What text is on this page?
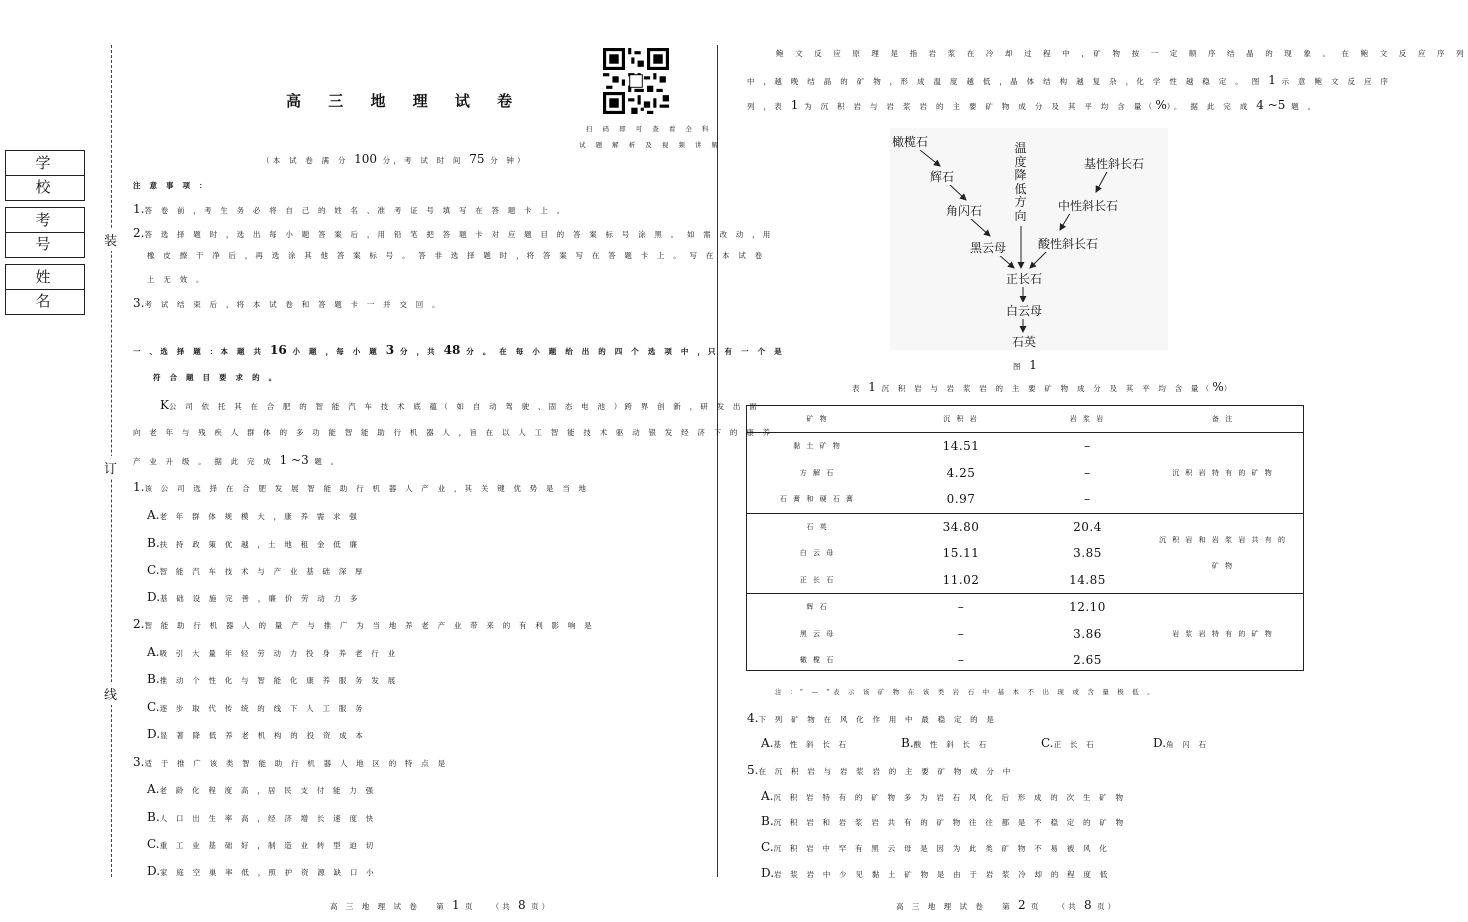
学 校
考 号
姓 名
装
订
线
高 三 地 理 试 卷
扫 码 即 可 查 看 全 科
试 题 解 析 及 视 频 讲 解
（本 试 卷 满 分 100 分，考 试 时 间 75 分 钟）
注 意 事 项 ：
1.答 卷 前 ，考 生 务 必 将 自 己 的 姓 名 、准 考 证 号 填 写 在 答 题 卡 上 。
2.答 选 择 题 时 ，选 出 每 小 题 答 案 后 ，用 铅 笔 把 答 题 卡 对 应 题 目 的 答 案 标 号 涂 黑 。 如 需 改 动 ，用
橡 皮 擦 干 净 后 ，再 选 涂 其 他 答 案 标 号 。 答 非 选 择 题 时 ，将 答 案 写 在 答 题 卡 上 。 写 在 本 试 卷
上 无 效 。
3.考 试 结 束 后 ，将 本 试 卷 和 答 题 卡 一 并 交 回 。
一 、选 择 题 ：本 题 共 16 小 题 ，每 小 题 3 分 ，共 48 分 。 在 每 小 题 给 出 的 四 个 选 项 中 ，只 有 一 个 是
符 合 题 目 要 求 的 。
K公 司 依 托 其 在 合 肥 的 智 能 汽 车 技 术 底 蕴（ 如 自 动 驾 驶 、固 态 电 池 ）跨 界 创 新 ，研 发 出 面
向 老 年 与 残 疾 人 群 体 的 多 功 能 智 能 助 行 机 器 人 ，旨 在 以 人 工 智 能 技 术 驱 动 银 发 经 济 下 的 康 养
产 业 升 级 。 据 此 完 成 1 ~3 题 。
1.该 公 司 选 择 在 合 肥 发 展 智 能 助 行 机 器 人 产 业 ，其 关 键 优 势 是 当 地
A.老 年 群 体 规 模 大 ，康 养 需 求 强
B.扶 持 政 策 优 越 ，土 地 租 金 低 廉
C.智 能 汽 车 技 术 与 产 业 基 础 深 厚
D.基 础 设 施 完 善 ，廉 价 劳 动 力 多
2.智 能 助 行 机 器 人 的 量 产 与 推 广 为 当 地 养 老 产 业 带 来 的 有 利 影 响 是
A.吸 引 大 量 年 轻 劳 动 力 投 身 养 老 行 业
B.推 动 个 性 化 与 智 能 化 康 养 服 务 发 展
C.逐 步 取 代 传 统 的 线 下 人 工 服 务
D.显 著 降 低 养 老 机 构 的 投 资 成 本
3.适 于 推 广 该 类 智 能 助 行 机 器 人 地 区 的 特 点 是
A.老 龄 化 程 度 高 ，居 民 支 付 能 力 强
B.人 口 出 生 率 高 ，经 济 增 长 速 度 快
C.重 工 业 基 础 好 ，制 造 业 转 型 迫 切
D.家 庭 空 巢 率 低 ，照 护 资 源 缺 口 小
鲍 文 反 应 原 理 是 指 岩 浆 在 冷 却 过 程 中 ，矿 物 按 一 定 顺 序 结 晶 的 现 象 。 在 鲍 文 反 应 序 列
中 ，越 晚 结 晶 的 矿 物 ，形 成 温 度 越 低 ，晶 体 结 构 越 复 杂 ，化 学 性 越 稳 定 。 图 1 示 意 鲍 文 反 应 序
列 ，表 1 为 沉 积 岩 与 岩 浆 岩 的 主 要 矿 物 成 分 及 其 平 均 含 量（%）。 据 此 完 成 4 ~5 题 。
橄榄石
辉石
角闪石
黑云母
温度降低方向
基性斜长石
中性斜长石
酸性斜长石
正长石
白云母
石英
图 1
表 1 沉 积 岩 与 岩 浆 岩 的 主 要 矿 物 成 分 及 其 平 均 含 量（%）
矿 物	沉 积 岩	岩 浆 岩	备 注
黏 土 矿 物	14.51	–	沉 积 岩 特 有 的 矿 物
方 解 石	4.25	–	
石 膏 和 硬 石 膏	0.97	–	
石 英	34.80	20.4	沉 积 岩 和 岩 浆 岩 共 有 的 矿 物
白 云 母	15.11	3.85	
正 长 石	11.02	14.85	
辉 石	–	12.10	岩 浆 岩 特 有 的 矿 物
黑 云 母	–	3.86	
橄 榄 石	–	2.65	
注 ：“ — ”表 示 该 矿 物 在 该 类 岩 石 中 基 本 不 出 现 或 含 量 极 低 。
4.下 列 矿 物 在 风 化 作 用 中 最 稳 定 的 是
A.基 性 斜 长 石	B.酸 性 斜 长 石	C.正 长 石	D.角 闪 石
5.在 沉 积 岩 与 岩 浆 岩 的 主 要 矿 物 成 分 中
A.沉 积 岩 特 有 的 矿 物 多 为 岩 石 风 化 后 形 成 的 次 生 矿 物
B.沉 积 岩 和 岩 浆 岩 共 有 的 矿 物 往 往 都 是 不 稳 定 的 矿 物
C.沉 积 岩 中 罕 有 黑 云 母 是 因 为 此 类 矿 物 不 易 被 风 化
D.岩 浆 岩 中 少 见 黏 土 矿 物 是 由 于 岩 浆 冷 却 的 程 度 低
高 三 地 理 试 卷 第 1 页 （共 8 页）	高 三 地 理 试 卷 第 2 页 （共 8 页）
